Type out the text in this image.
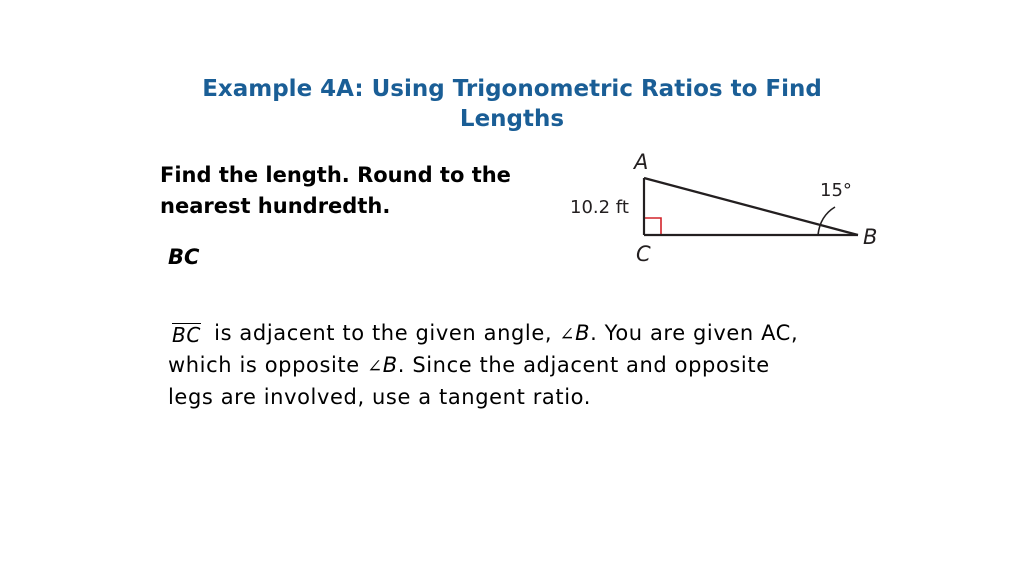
Example 4A: Using Trigonometric Ratios to Find Lengths
Find the length. Round to the nearest hundredth.
BC
BC is adjacent to the given angle, ∠B. You are given AC, which is opposite ∠B. Since the adjacent and opposite legs are involved, use a tangent ratio.
A
B
C
10.2 ft
15°
